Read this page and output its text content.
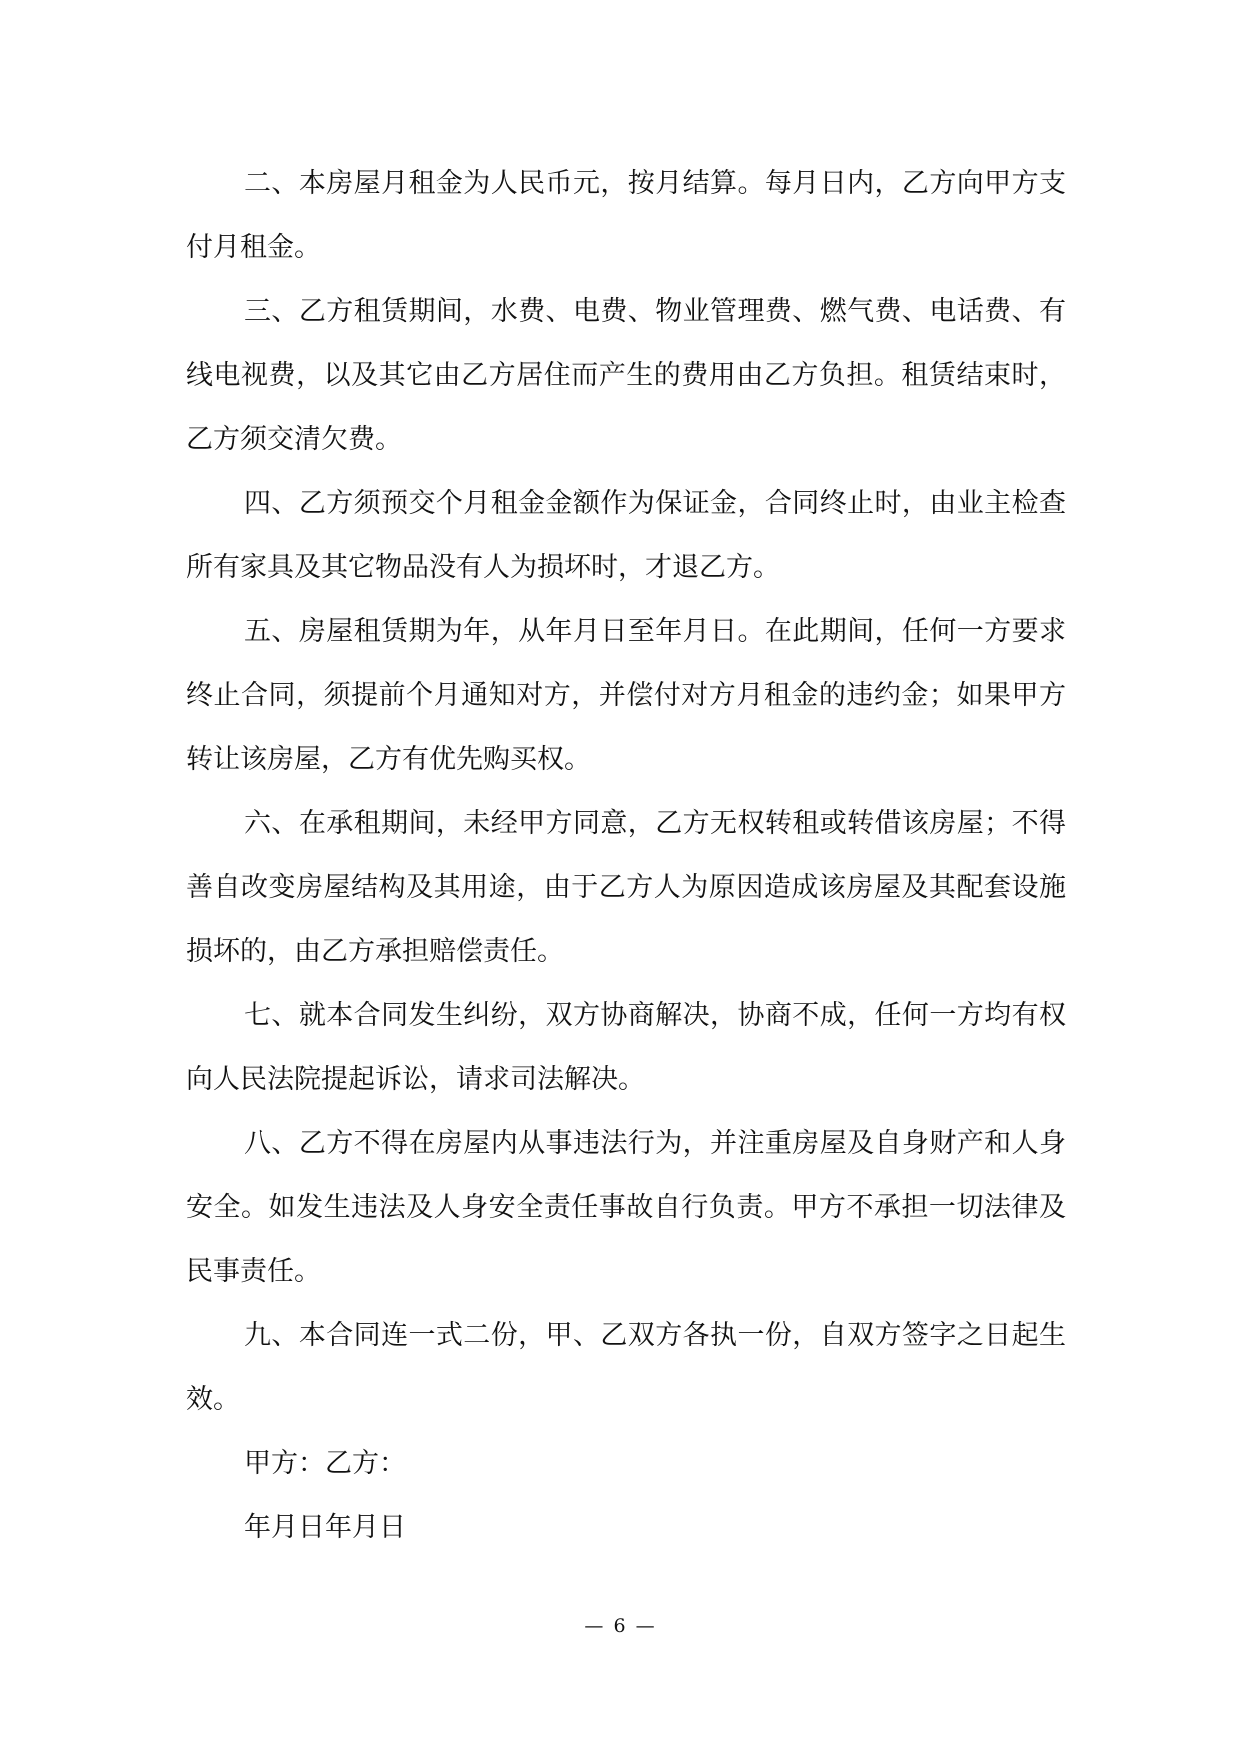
二、本房屋月租金为人民币元，按月结算。每月日内，乙方向甲方支付月租金。

三、乙方租赁期间，水费、电费、物业管理费、燃气费、电话费、有线电视费，以及其它由乙方居住而产生的费用由乙方负担。租赁结束时，乙方须交清欠费。

四、乙方须预交个月租金金额作为保证金，合同终止时，由业主检查所有家具及其它物品没有人为损坏时，才退乙方。

五、房屋租赁期为年，从年月日至年月日。在此期间，任何一方要求终止合同，须提前个月通知对方，并偿付对方月租金的违约金；如果甲方转让该房屋，乙方有优先购买权。

六、在承租期间，未经甲方同意，乙方无权转租或转借该房屋；不得善自改变房屋结构及其用途，由于乙方人为原因造成该房屋及其配套设施损坏的，由乙方承担赔偿责任。

七、就本合同发生纠纷，双方协商解决，协商不成，任何一方均有权向人民法院提起诉讼，请求司法解决。

八、乙方不得在房屋内从事违法行为，并注重房屋及自身财产和人身安全。如发生违法及人身安全责任事故自行负责。甲方不承担一切法律及民事责任。

九、本合同连一式二份，甲、乙双方各执一份，自双方签字之日起生效。

甲方：乙方：

年月日年月日

— 6 —
